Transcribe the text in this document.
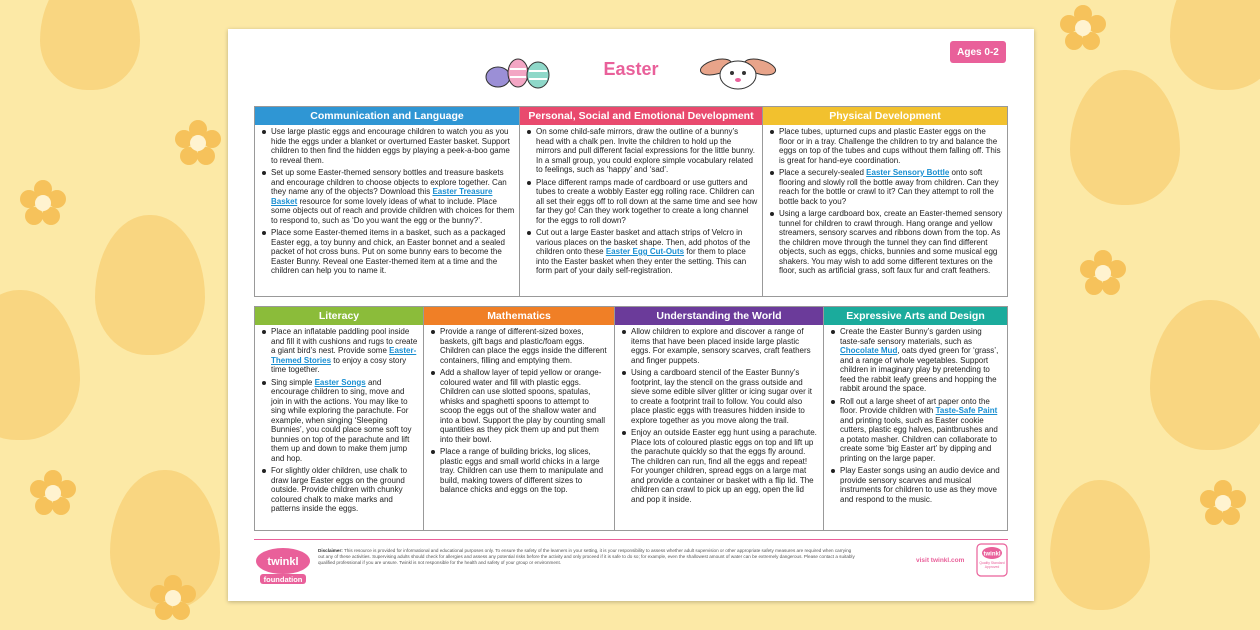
Ages 0-2
Easter
Communication and Language
Use large plastic eggs and encourage children to watch you as you hide the eggs under a blanket or overturned Easter basket. Support children to then find the hidden eggs by playing a peek-a-boo game to reveal them.
Set up some Easter-themed sensory bottles and treasure baskets and encourage children to choose objects to explore together. Can they name any of the objects? Download this Easter Treasure Basket resource for some lovely ideas of what to include. Place some objects out of reach and provide children with choices for them to respond to, such as ‘Do you want the egg or the bunny?’.
Place some Easter-themed items in a basket, such as a packaged Easter egg, a toy bunny and chick, an Easter bonnet and a sealed packet of hot cross buns. Put on some bunny ears to become the Easter Bunny. Reveal one Easter-themed item at a time and the children can help you to name it.
Personal, Social and Emotional Development
On some child-safe mirrors, draw the outline of a bunny’s head with a chalk pen. Invite the children to hold up the mirrors and pull different facial expressions for the little bunny. In a small group, you could explore simple vocabulary related to feelings, such as ‘happy’ and ‘sad’.
Place different ramps made of cardboard or use gutters and tubes to create a wobbly Easter egg rolling race. Children can all set their eggs off to roll down at the same time and see how far they go! Can they work together to create a long channel for the eggs to roll down?
Cut out a large Easter basket and attach strips of Velcro in various places on the basket shape. Then, add photos of the children onto these Easter Egg Cut-Outs for them to place into the Easter basket when they enter the setting. This can form part of your daily self-registration.
Physical Development
Place tubes, upturned cups and plastic Easter eggs on the floor or in a tray. Challenge the children to try and balance the eggs on top of the tubes and cups without them falling off. This is great for hand-eye coordination.
Place a securely-sealed Easter Sensory Bottle onto soft flooring and slowly roll the bottle away from children. Can they reach for the bottle or crawl to it? Can they attempt to roll the bottle back to you?
Using a large cardboard box, create an Easter-themed sensory tunnel for children to crawl through. Hang orange and yellow streamers, sensory scarves and ribbons down from the top. As the children move through the tunnel they can find different objects, such as eggs, chicks, bunnies and some musical egg shakers. You may wish to add some different textures on the floor, such as artificial grass, soft faux fur and craft feathers.
Literacy
Place an inflatable paddling pool inside and fill it with cushions and rugs to create a giant bird’s nest. Provide some Easter-Themed Stories to enjoy a cosy story time together.
Sing simple Easter Songs and encourage children to sing, move and join in with the actions. You may like to sing while exploring the parachute. For example, when singing ‘Sleeping Bunnies’, you could place some soft toy bunnies on top of the parachute and lift them up and down to make them jump and hop.
For slightly older children, use chalk to draw large Easter eggs on the ground outside. Provide children with chunky coloured chalk to make marks and patterns inside the eggs.
Mathematics
Provide a range of different-sized boxes, baskets, gift bags and plastic/foam eggs. Children can place the eggs inside the different containers, filling and emptying them.
Add a shallow layer of tepid yellow or orange-coloured water and fill with plastic eggs. Children can use slotted spoons, spatulas, whisks and spaghetti spoons to attempt to scoop the eggs out of the shallow water and into a bowl. Support the play by counting small quantities as they pick them up and put them into their bowl.
Place a range of building bricks, log slices, plastic eggs and small world chicks in a large tray. Children can use them to manipulate and build, making towers of different sizes to balance chicks and eggs on the top.
Understanding the World
Allow children to explore and discover a range of items that have been placed inside large plastic eggs. For example, sensory scarves, craft feathers and finger puppets.
Using a cardboard stencil of the Easter Bunny’s footprint, lay the stencil on the grass outside and sieve some edible silver glitter or icing sugar over it to create a footprint trail to follow. You could also place plastic eggs with treasures hidden inside to explore together as you move along the trail.
Enjoy an outside Easter egg hunt using a parachute. Place lots of coloured plastic eggs on top and lift up the parachute quickly so that the eggs fly around. The children can run, find all the eggs and repeat! For younger children, spread eggs on a large mat and provide a container or basket with a flip lid. The children can crawl to pick up an egg, open the lid and pop it inside.
Expressive Arts and Design
Create the Easter Bunny’s garden using taste-safe sensory materials, such as Chocolate Mud, oats dyed green for ‘grass’, and a range of whole vegetables. Support children in imaginary play by pretending to feed the rabbit leafy greens and hopping the rabbit around the space.
Roll out a large sheet of art paper onto the floor. Provide children with Taste-Safe Paint and printing tools, such as Easter cookie cutters, plastic egg halves, paintbrushes and a potato masher. Children can collaborate to create some ‘big Easter art’ by dipping and printing on the large paper.
Play Easter songs using an audio device and provide sensory scarves and musical instruments for children to use as they move and respond to the music.
twinkl
foundation
Disclaimer: This resource is provided for informational and educational purposes only. To ensure the safety of the learners in your setting, it is your responsibility to assess whether adult supervision or other appropriate safety measures are required when carrying out any of these activities. Supervising adults should check for allergies and assess any potential risks before the activity and only proceed if it is safe to do so; for example, even the shallowest amount of water can be extremely dangerous. Please contact a suitably qualified professional if you are unsure. Twinkl is not responsible for the health and safety of your group or environment.	visit twinkl.com
twinkl
Quality Standard Approved
